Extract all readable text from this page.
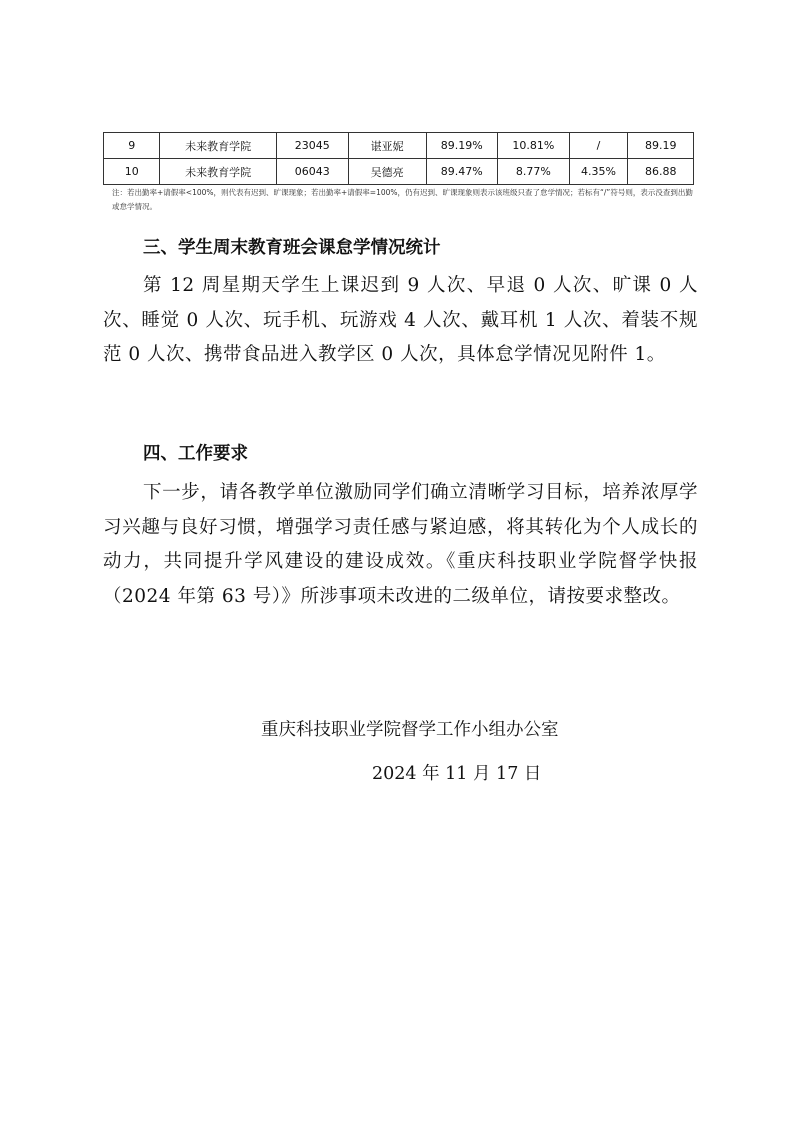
9	未来教育学院	23045	谌亚妮	89.19%	10.81%	/	89.19
10	未来教育学院	06043	吴德亮	89.47%	8.77%	4.35%	86.88
注：若出勤率+请假率<100%，则代表有迟到、旷课现象；若出勤率+请假率=100%，仍有迟到、旷课现象则表示该班级只查了怠学情况；若标有“/”符号则，表示没查到出勤或怠学情况。
三、学生周末教育班会课怠学情况统计
第 12 周星期天学生上课迟到 9 人次、早退 0 人次、旷课 0 人次、睡觉 0 人次、玩手机、玩游戏 4 人次、戴耳机 1 人次、着装不规范 0 人次、携带食品进入教学区 0 人次，具体怠学情况见附件 1。
四、工作要求
下一步，请各教学单位激励同学们确立清晰学习目标，培养浓厚学习兴趣与良好习惯，增强学习责任感与紧迫感，将其转化为个人成长的动力，共同提升学风建设的建设成效。《重庆科技职业学院督学快报（2024 年第 63 号）》所涉事项未改进的二级单位，请按要求整改。
重庆科技职业学院督学工作小组办公室
2024 年 11 月 17 日
